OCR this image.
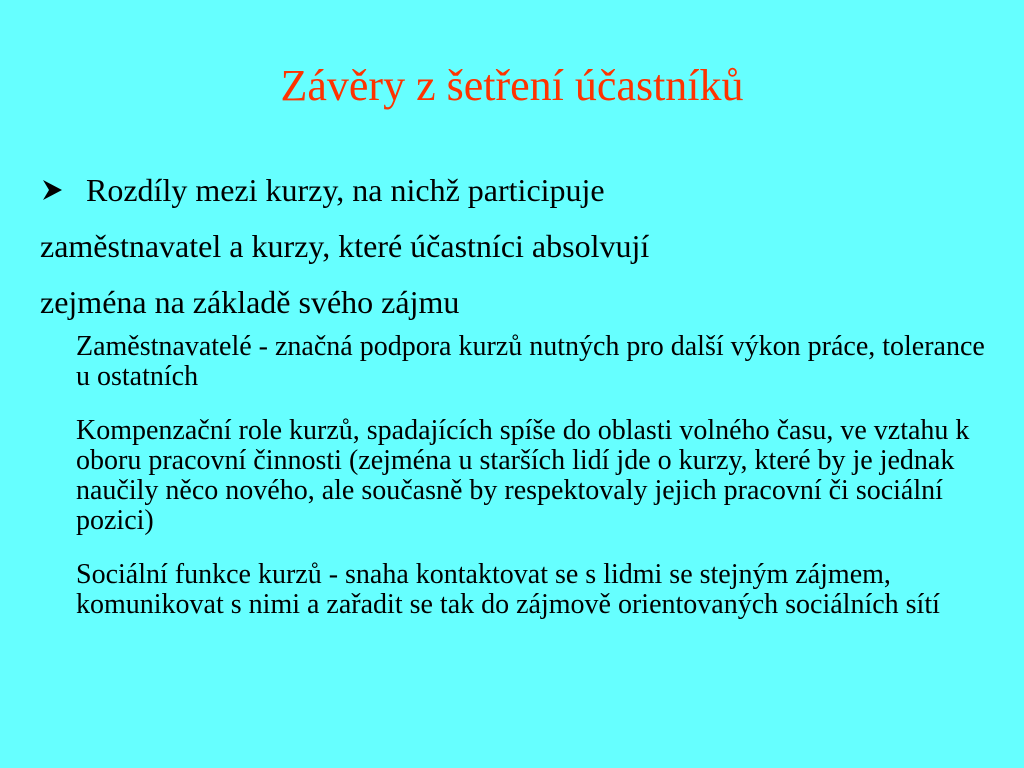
Závěry z šetření účastníků
Rozdíly mezi kurzy, na nichž participuje
zaměstnavatel a kurzy, které účastníci absolvují
zejména na základě svého zájmu
Zaměstnavatelé - značná podpora kurzů nutných pro další výkon práce, tolerance u ostatních
Kompenzační role kurzů, spadajících spíše do oblasti volného času, ve vztahu k oboru pracovní činnosti (zejména u starších lidí jde o kurzy, které by je jednak naučily něco nového, ale současně by respektovaly jejich pracovní či sociální pozici)
Sociální funkce kurzů - snaha kontaktovat se s lidmi se stejným zájmem, komunikovat s nimi a zařadit se tak do zájmově orientovaných sociálních sítí
